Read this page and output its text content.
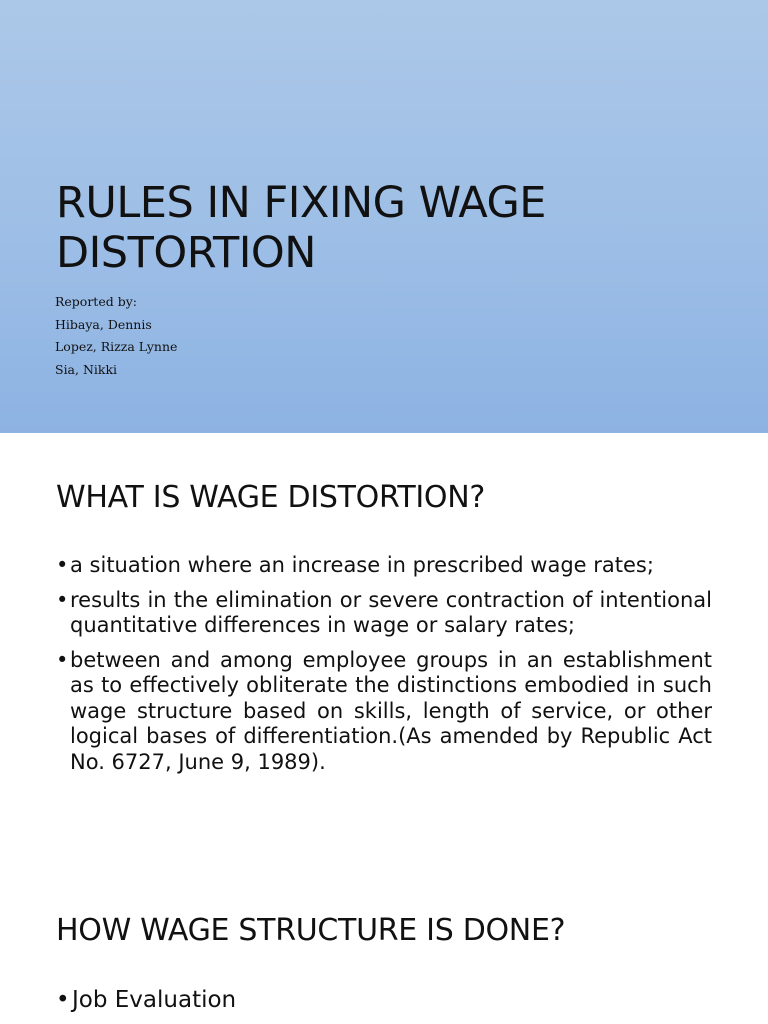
RULES IN FIXING WAGE
DISTORTION
Reported by:
Hibaya, Dennis
Lopez, Rizza Lynne
Sia, Nikki
WHAT IS WAGE DISTORTION?
• a situation where an increase in prescribed wage rates;
• results in the elimination or severe contraction of intentional quantitative differences in wage or salary rates;
• between and among employee groups in an establishment as to effectively obliterate the distinctions embodied in such wage structure based on skills, length of service, or other logical bases of differentiation.(As amended by Republic Act No. 6727, June 9, 1989).
HOW WAGE STRUCTURE IS DONE?
• Job Evaluation
